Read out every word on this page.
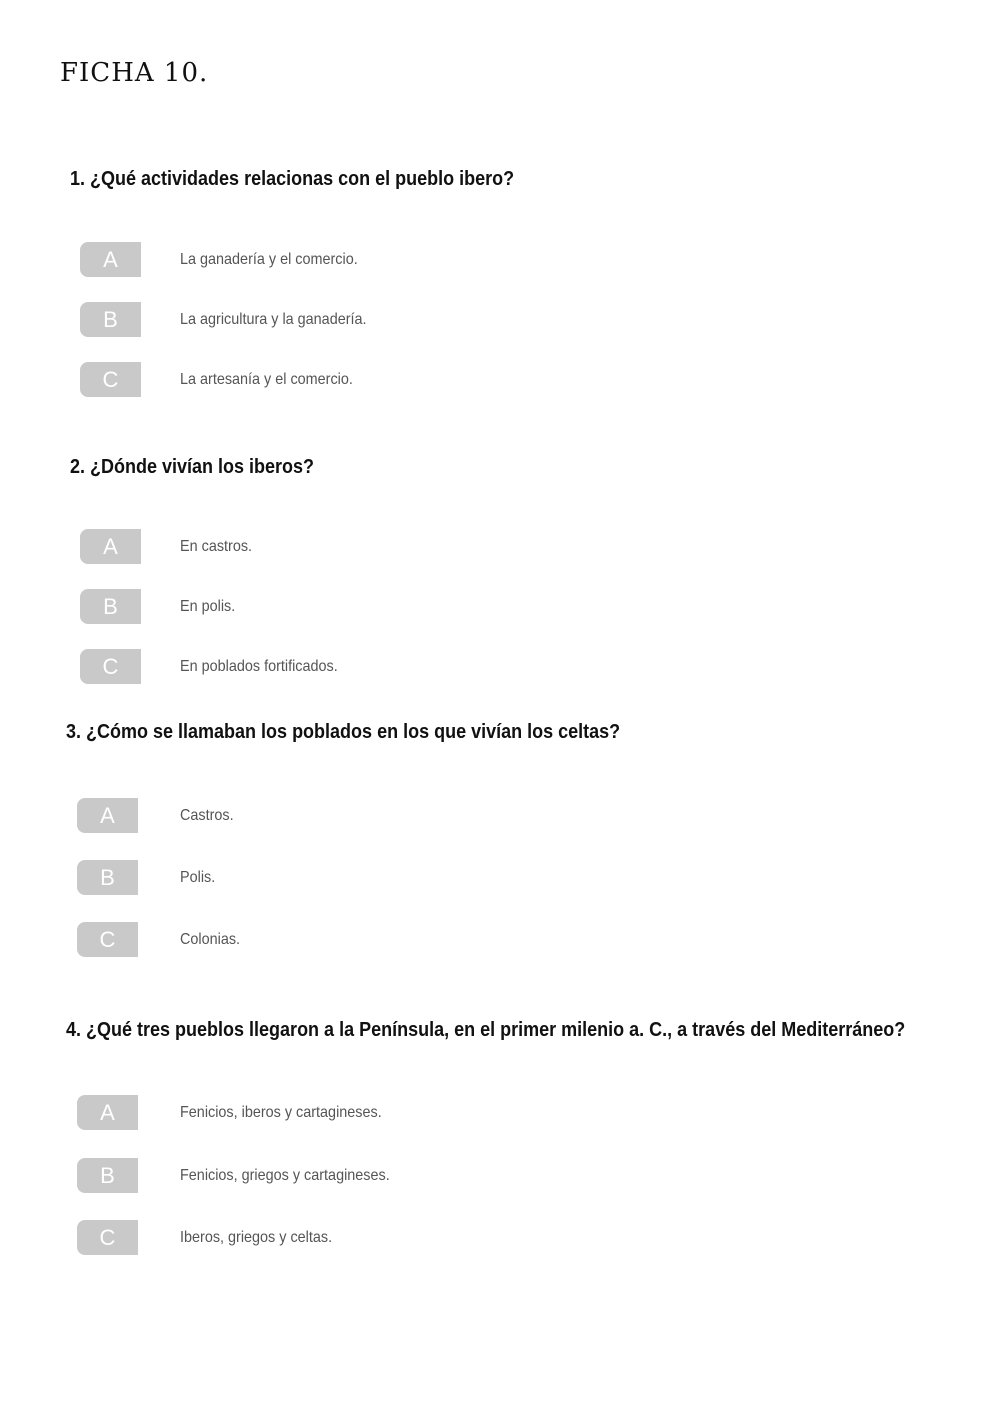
FICHA 10.
1. ¿Qué actividades relacionas con el pueblo ibero?
A	La ganadería y el comercio.
B	La agricultura y la ganadería.
C	La artesanía y el comercio.
2. ¿Dónde vivían los iberos?
A	En castros.
B	En polis.
C	En poblados fortificados.
3. ¿Cómo se llamaban los poblados en los que vivían los celtas?
A	Castros.
B	Polis.
C	Colonias.
4. ¿Qué tres pueblos llegaron a la Península, en el primer milenio a. C., a través del Mediterráneo?
A	Fenicios, iberos y cartagineses.
B	Fenicios, griegos y cartagineses.
C	Iberos, griegos y celtas.
